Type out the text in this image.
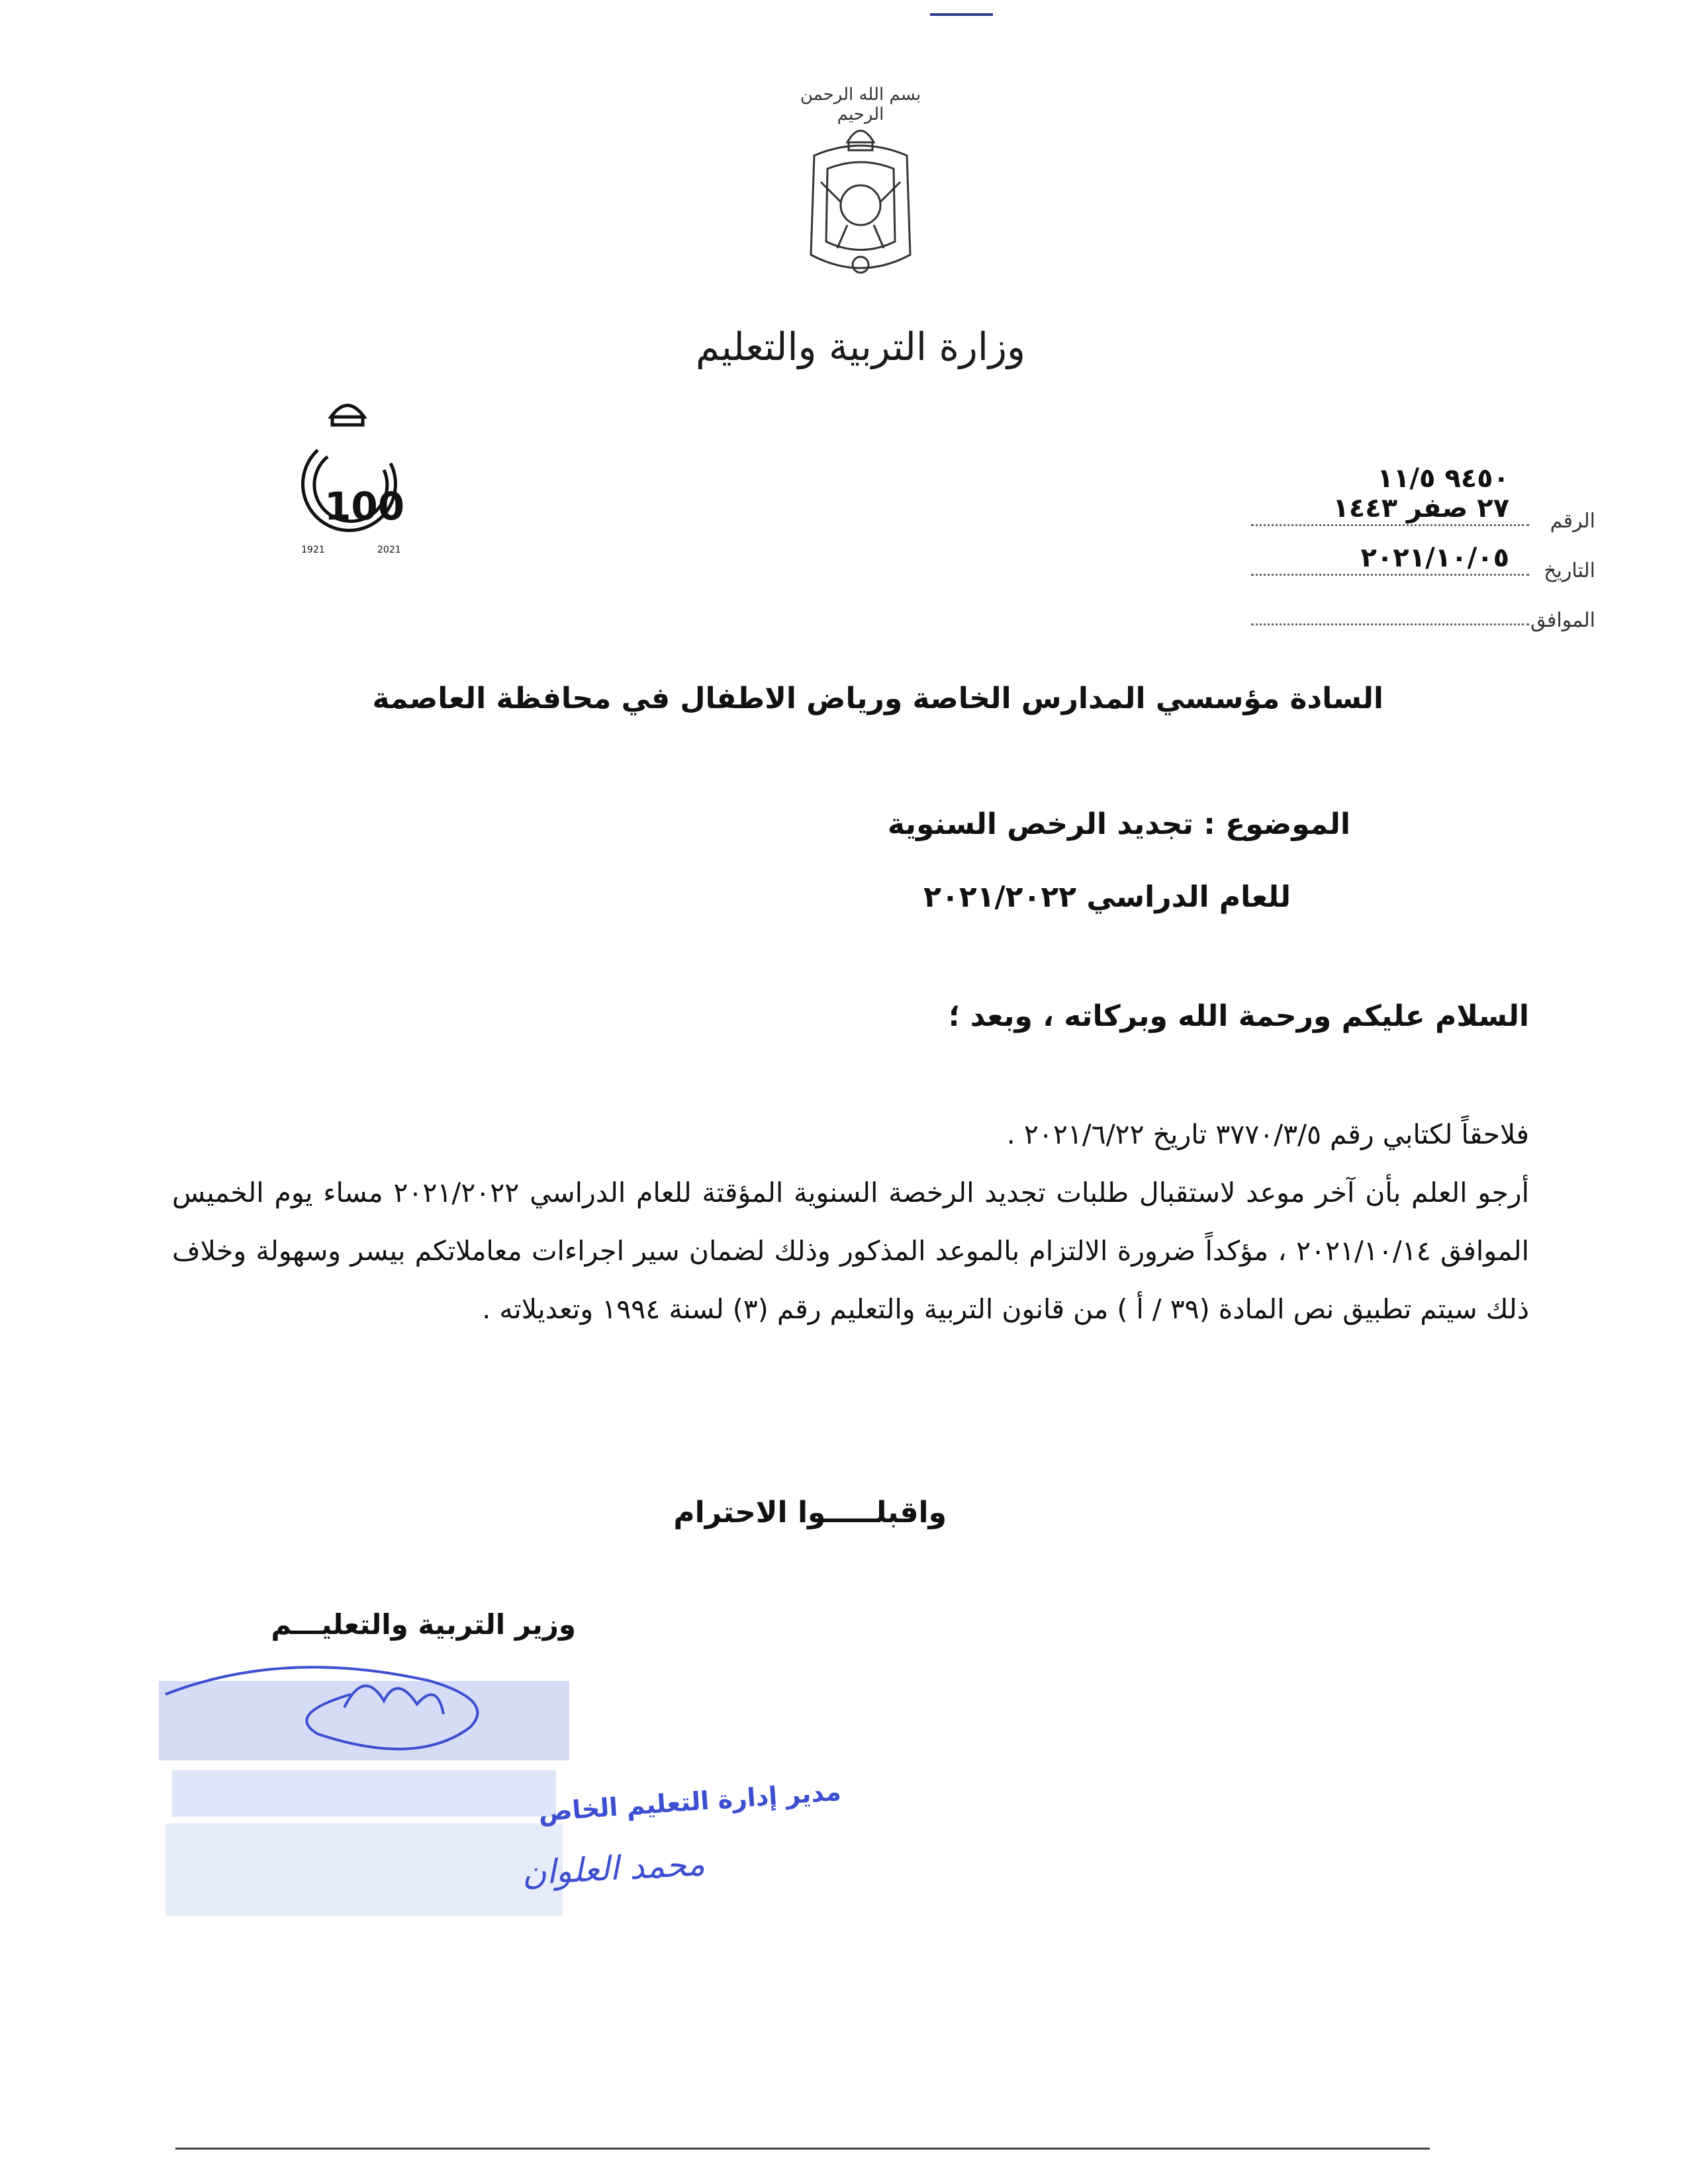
بسم الله الرحمن الرحيم
وزارة التربية والتعليم
100
1921	2021
٩٤٥٠ ١١/٥
الرقم
٢٧ صفر ١٤٤٣
التاريخ
٢٠٢١/١٠/٠٥
الموافق
السادة مؤسسي المدارس الخاصة ورياض الاطفال في محافظة العاصمة
الموضوع : تجديد الرخص السنوية
للعام الدراسي ٢٠٢١/٢٠٢٢
السلام عليكم ورحمة الله وبركاته ، وبعد ؛

فلاحقاً لكتابي رقم ٣٧٧٠/٣/٥ تاريخ ٢٠٢١/٦/٢٢ .

أرجو العلم بأن آخر موعد لاستقبال طلبات تجديد الرخصة السنوية المؤقتة للعام الدراسي ٢٠٢١/٢٠٢٢ مساء يوم الخميس الموافق ٢٠٢١/١٠/١٤ ، مؤكداً ضرورة الالتزام بالموعد المذكور وذلك لضمان سير اجراءات معاملاتكم بيسر وسهولة وخلاف ذلك سيتم تطبيق نص المادة (٣٩ / أ ) من قانون التربية والتعليم رقم (٣) لسنة ١٩٩٤ وتعديلاته .

واقبلـــــوا الاحترام
وزير التربية والتعليـــم
مدير إدارة التعليم الخاص
محمد العلوان
